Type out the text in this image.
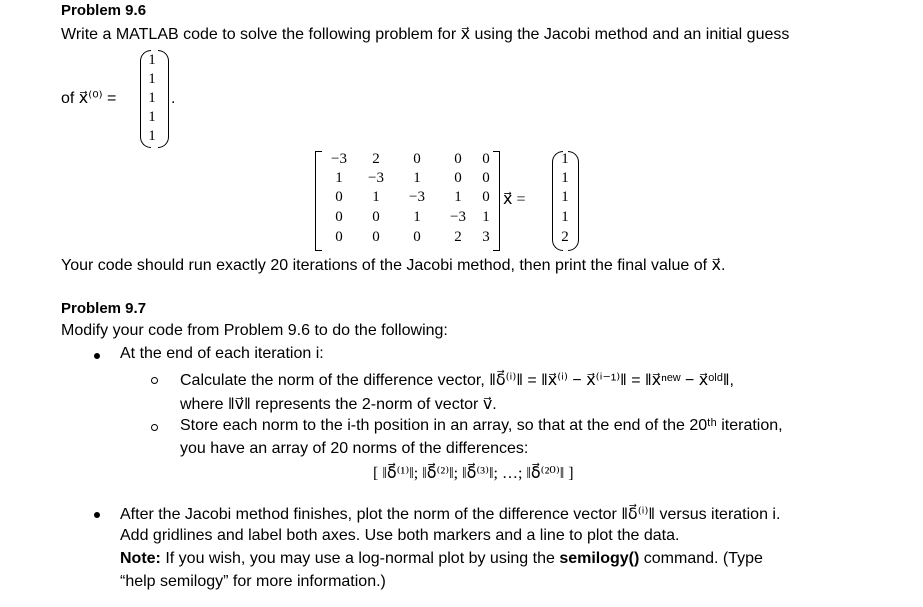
Problem 9.6
Write a MATLAB code to solve the following problem for x⃗ using the Jacobi method and an initial guess
of x⃗⁽⁰⁾ =
1
1
1
1
1
.
−3	2	0	0	0
1	−3	1	0	0
0	1	−3	1	0
0	0	1	−3	1
0	0	0	2	3
x⃗ =
1
1
1
1
2
Your code should run exactly 20 iterations of the Jacobi method, then print the final value of x⃗.
Problem 9.7
Modify your code from Problem 9.6 to do the following:
At the end of each iteration i:
Calculate the norm of the difference vector, ‖δ⃗⁽ⁱ⁾‖ = ‖x⃗⁽ⁱ⁾ − x⃗⁽ⁱ⁻¹⁾‖ = ‖x⃗ⁿᵉʷ − x⃗ᵒˡᵈ‖,
where ‖v⃗‖ represents the 2-norm of vector v⃗.
Store each norm to the i-th position in an array, so that at the end of the 20ᵗʰ iteration,
you have an array of 20 norms of the differences:
[ ‖δ⃗⁽¹⁾‖; ‖δ⃗⁽²⁾‖; ‖δ⃗⁽³⁾‖; …; ‖δ⃗⁽²⁰⁾‖ ]
After the Jacobi method finishes, plot the norm of the difference vector ‖δ⃗⁽ⁱ⁾‖ versus iteration i.
Add gridlines and label both axes. Use both markers and a line to plot the data.
Note: If you wish, you may use a log-normal plot by using the semilogy() command. (Type
“help semilogy” for more information.)
